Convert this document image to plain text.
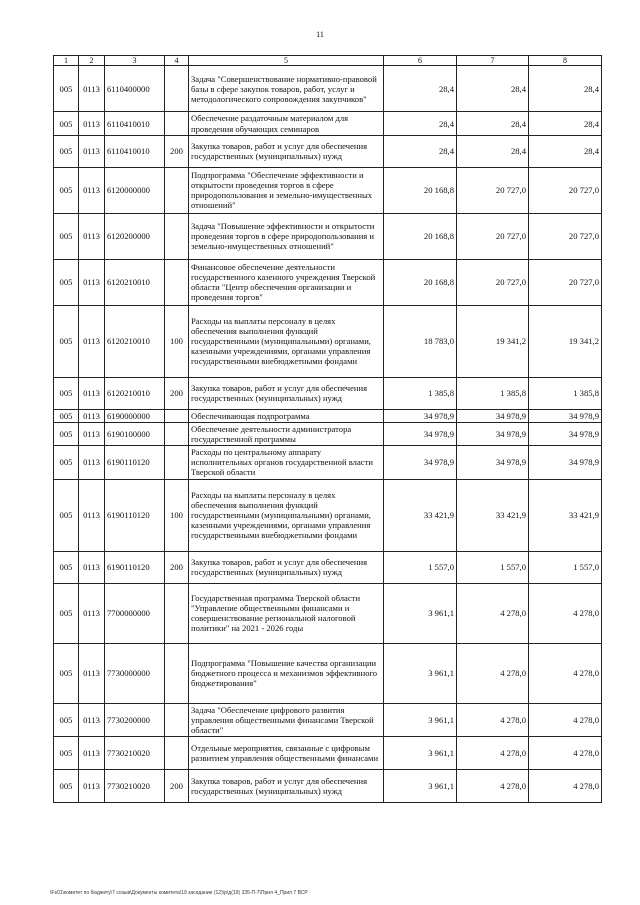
11
1	2	3	4	5	6	7	8
005	0113	6110400000		Задача "Совершенствование нормативно-правовой базы в сфере закупок товаров, работ, услуг и методологического сопровождения закупчиков"	28,4	28,4	28,4
005	0113	6110410010		Обеспечение раздаточным материалом для проведения обучающих семинаров	28,4	28,4	28,4
005	0113	6110410010	200	Закупка товаров, работ и услуг для обеспечения государственных (муниципальных) нужд	28,4	28,4	28,4
005	0113	6120000000		Подпрограмма "Обеспечение эффективности и открытости проведения торгов в сфере природопользования и земельно-имущественных отношений"	20 168,8	20 727,0	20 727,0
005	0113	6120200000		Задача "Повышение эффективности и открытости проведения торгов в сфере природопользования и земельно-имущественных отношений"	20 168,8	20 727,0	20 727,0
005	0113	6120210010		Финансовое обеспечение деятельности государственного казенного учреждения Тверской области "Центр обеспечения организации и проведения торгов"	20 168,8	20 727,0	20 727,0
005	0113	6120210010	100	Расходы на выплаты персоналу в целях обеспечения выполнения функций государственными (муниципальными) органами, казенными учреждениями, органами управления государственными внебюджетными фондами	18 783,0	19 341,2	19 341,2
005	0113	6120210010	200	Закупка товаров, работ и услуг для обеспечения государственных (муниципальных) нужд	1 385,8	1 385,8	1 385,8
005	0113	6190000000		Обеспечивающая подпрограмма	34 978,9	34 978,9	34 978,9
005	0113	6190100000		Обеспечение деятельности администратора государственной программы	34 978,9	34 978,9	34 978,9
005	0113	6190110120		Расходы по центральному аппарату исполнительных органов государственной власти Тверской области	34 978,9	34 978,9	34 978,9
005	0113	6190110120	100	Расходы на выплаты персоналу в целях обеспечения выполнения функций государственными (муниципальными) органами, казенными учреждениями, органами управления государственными внебюджетными фондами	33 421,9	33 421,9	33 421,9
005	0113	6190110120	200	Закупка товаров, работ и услуг для обеспечения государственных (муниципальных) нужд	1 557,0	1 557,0	1 557,0
005	0113	7700000000		Государственная программа Тверской области "Управление общественными финансами и совершенствование региональной налоговой политики" на 2021 - 2026 годы	3 961,1	4 278,0	4 278,0
005	0113	7730000000		Подпрограмма "Повышение качества организации бюджетного процесса и механизмов эффективного бюджетирования"	3 961,1	4 278,0	4 278,0
005	0113	7730200000		Задача "Обеспечение цифрового развития управления общественными финансами Тверской области"	3 961,1	4 278,0	4 278,0
005	0113	7730210020		Отдельные мероприятия, связанные с цифровым развитием управления общественными финансами	3 961,1	4 278,0	4 278,0
005	0113	7730210020	200	Закупка товаров, работ и услуг для обеспечения государственных (муниципальных) нужд	3 961,1	4 278,0	4 278,0
\Fs01\комитет по бюджету\7 созыв\Документы комитета\19 заседание (12)\р\д(19) 335-П-7\Прил 4_Прил 7 ВСР
